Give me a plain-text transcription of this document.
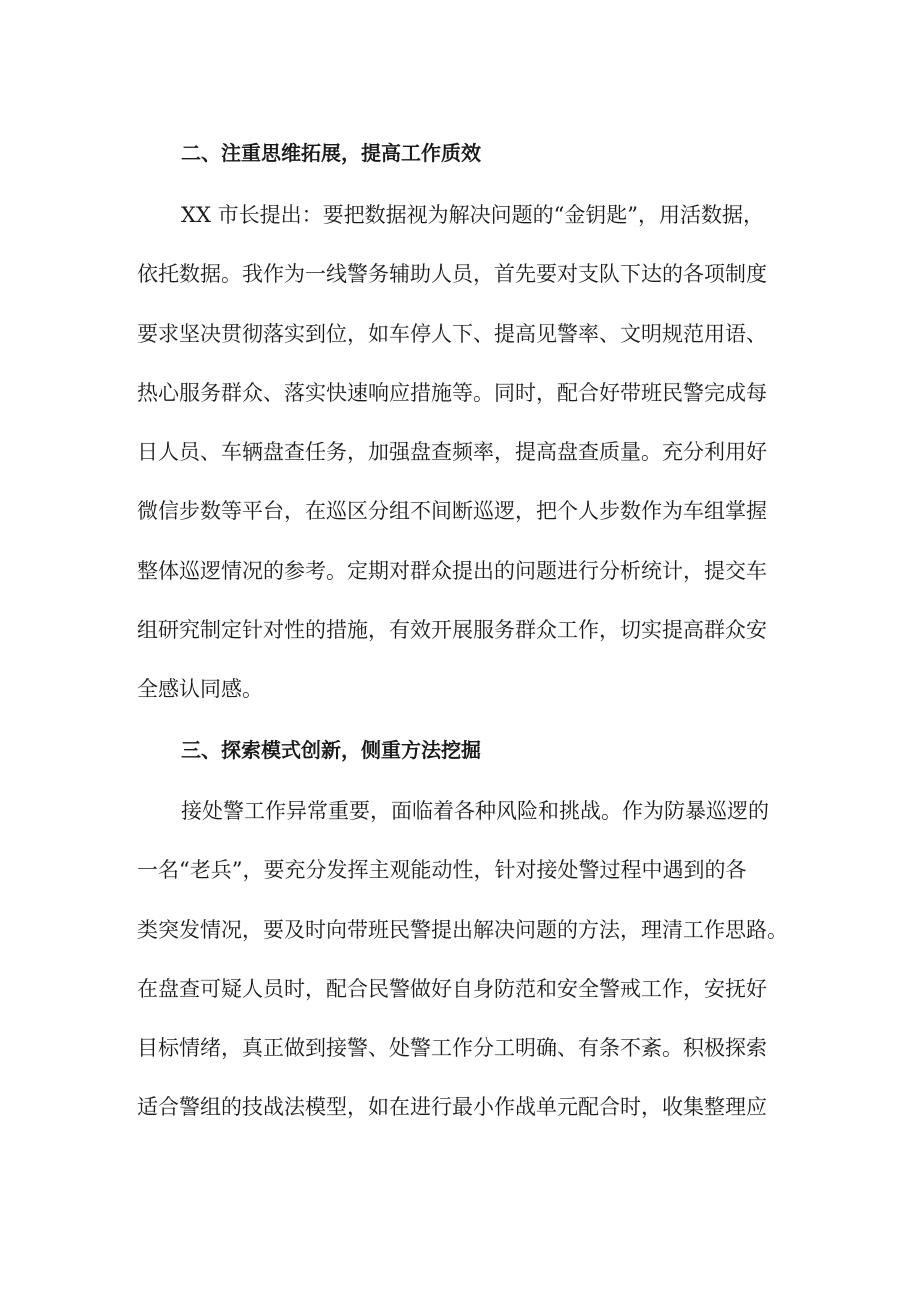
二、注重思维拓展，提高工作质效
XX 市长提出：要把数据视为解决问题的“金钥匙”，用活数据，
依托数据。我作为一线警务辅助人员，首先要对支队下达的各项制度
要求坚决贯彻落实到位，如车停人下、提高见警率、文明规范用语、
热心服务群众、落实快速响应措施等。同时，配合好带班民警完成每
日人员、车辆盘查任务，加强盘查频率，提高盘查质量。充分利用好
微信步数等平台，在巡区分组不间断巡逻，把个人步数作为车组掌握
整体巡逻情况的参考。定期对群众提出的问题进行分析统计，提交车
组研究制定针对性的措施，有效开展服务群众工作，切实提高群众安
全感认同感。
三、探索模式创新，侧重方法挖掘
接处警工作异常重要，面临着各种风险和挑战。作为防暴巡逻的
一名“老兵”，要充分发挥主观能动性，针对接处警过程中遇到的各
类突发情况，要及时向带班民警提出解决问题的方法，理清工作思路。
在盘查可疑人员时，配合民警做好自身防范和安全警戒工作，安抚好
目标情绪，真正做到接警、处警工作分工明确、有条不紊。积极探索
适合警组的技战法模型，如在进行最小作战单元配合时，收集整理应
